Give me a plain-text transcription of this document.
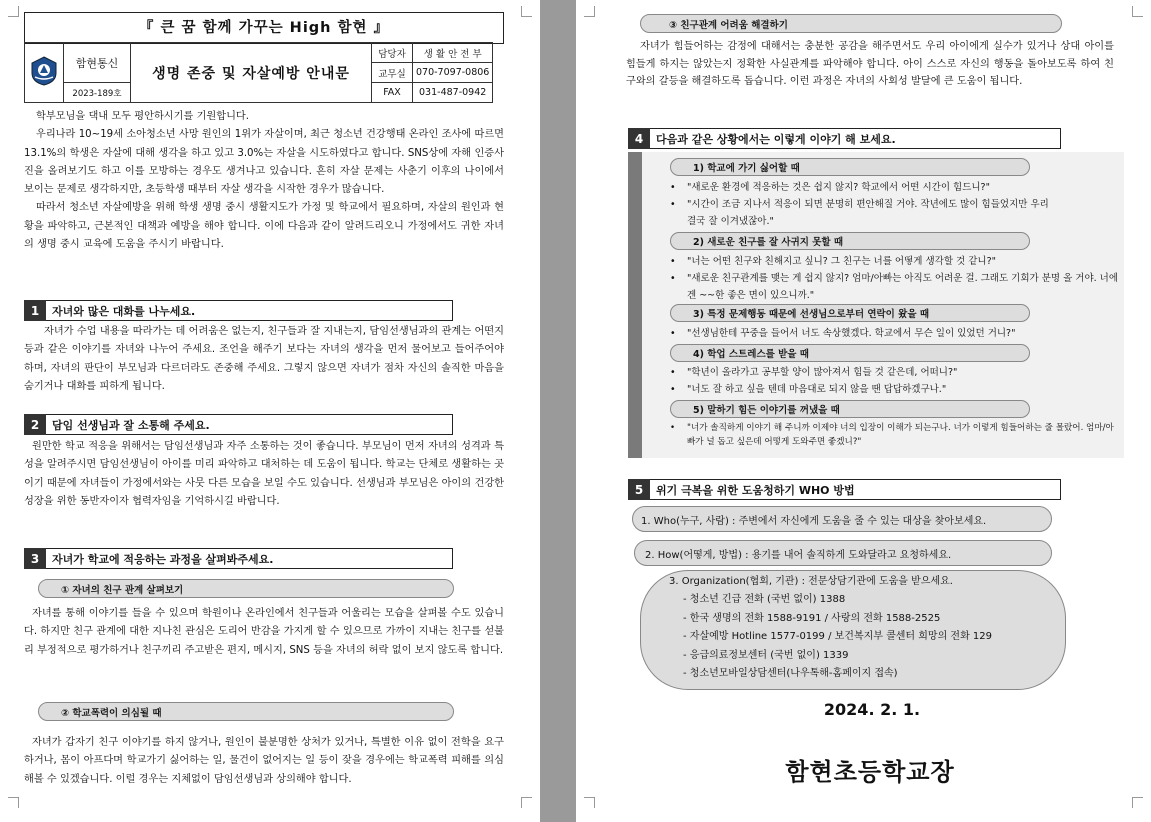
『 큰 꿈 함께 가꾸는 High 함현 』
	함현통신	생명 존중 및 자살예방 안내문	담당자	생 활 안 전 부
			교무실	070-7097-0806
	2023-189호		FAX	031-487-0942

학부모님을 댁내 모두 평안하시기를 기원합니다.

우리나라 10~19세 소아청소년 사망 원인의 1위가 자살이며, 최근 청소년 건강행태 온라인 조사에 따르면 13.1%의 학생은 자살에 대해 생각을 하고 있고 3.0%는 자살을 시도하였다고 합니다. SNS상에 자해 인증사진을 올려보기도 하고 이를 모방하는 경우도 생겨나고 있습니다. 흔히 자살 문제는 사춘기 이후의 나이에서 보이는 문제로 생각하지만, 초등학생 때부터 자살 생각을 시작한 경우가 많습니다.

따라서 청소년 자살예방을 위해 학생 생명 중시 생활지도가 가정 및 학교에서 필요하며, 자살의 원인과 현황을 파악하고, 근본적인 대책과 예방을 해야 합니다. 이에 다음과 같이 알려드리오니 가정에서도 귀한 자녀의 생명 중시 교육에 도움을 주시기 바랍니다.

1	자녀와 많은 대화를 나누세요.

자녀가 수업 내용을 따라가는 데 어려움은 없는지, 친구들과 잘 지내는지, 담임선생님과의 관계는 어떤지 등과 같은 이야기를 자녀와 나누어 주세요. 조언을 해주기 보다는 자녀의 생각을 먼저 물어보고 들어주어야 하며, 자녀의 판단이 부모님과 다르더라도 존중해 주세요. 그렇지 않으면 자녀가 점차 자신의 솔직한 마음을 숨기거나 대화를 피하게 됩니다.

2	담임 선생님과 잘 소통해 주세요.

원만한 학교 적응을 위해서는 담임선생님과 자주 소통하는 것이 좋습니다. 부모님이 먼저 자녀의 성격과 특성을 알려주시면 담임선생님이 아이를 미리 파악하고 대처하는 데 도움이 됩니다. 학교는 단체로 생활하는 곳이기 때문에 자녀들이 가정에서와는 사뭇 다른 모습을 보일 수도 있습니다. 선생님과 부모님은 아이의 건강한 성장을 위한 동반자이자 협력자임을 기억하시길 바랍니다.

3	자녀가 학교에 적응하는 과정을 살펴봐주세요.
① 자녀의 친구 관계 살펴보기

자녀를 통해 이야기를 들을 수 있으며 학원이나 온라인에서 친구들과 어울리는 모습을 살펴볼 수도 있습니다. 하지만 친구 관계에 대한 지나친 관심은 도리어 반감을 가지게 할 수 있으므로 가까이 지내는 친구를 섣불리 부정적으로 평가하거나 친구끼리 주고받은 편지, 메시지, SNS 등을 자녀의 허락 없이 보지 않도록 합니다.

② 학교폭력이 의심될 때

자녀가 갑자기 친구 이야기를 하지 않거나, 원인이 불분명한 상처가 있거나, 특별한 이유 없이 전학을 요구하거나, 몸이 아프다며 학교가기 싫어하는 일, 물건이 없어지는 일 등이 잦을 경우에는 학교폭력 피해를 의심해볼 수 있겠습니다. 이럴 경우는 지체없이 담임선생님과 상의해야 합니다.

③ 친구관계 어려움 해결하기

자녀가 힘들어하는 감정에 대해서는 충분한 공감을 해주면서도 우리 아이에게 실수가 있거나 상대 아이를 힘들게 하지는 않았는지 정확한 사실관계를 파악해야 합니다. 아이 스스로 자신의 행동을 돌아보도록 하여 친구와의 갈등을 해결하도록 돕습니다. 이런 과정은 자녀의 사회성 발달에 큰 도움이 됩니다.

4	다음과 같은 상황에서는 이렇게 이야기 해 보세요.
1) 학교에 가기 싫어할 때
• "새로운 환경에 적응하는 것은 쉽지 않지? 학교에서 어떤 시간이 힘드니?"
• "시간이 조금 지나서 적응이 되면 분명히 편안해질 거야. 작년에도 많이 힘들었지만 우리 결국 잘 이겨냈잖아."
2) 새로운 친구를 잘 사귀지 못할 때
• "너는 어떤 친구와 친해지고 싶니? 그 친구는 너를 어떻게 생각할 것 같니?"
• "새로운 친구관계를 맺는 게 쉽지 않지? 엄마/아빠는 아직도 어려운 걸. 그래도 기회가 분명 올 거야. 너에겐 ~~한 좋은 면이 있으니까."
3) 특정 문제행동 때문에 선생님으로부터 연락이 왔을 때
• "선생님한테 꾸중을 들어서 너도 속상했겠다. 학교에서 무슨 일이 있었던 거니?"
4) 학업 스트레스를 받을 때
• "학년이 올라가고 공부할 양이 많아져서 힘들 것 같은데, 어떠니?"
• "너도 잘 하고 싶을 텐데 마음대로 되지 않을 땐 답답하겠구나."
5) 말하기 힘든 이야기를 꺼냈을 때
• "너가 솔직하게 이야기 해 주니까 이제야 너의 입장이 이해가 되는구나. 너가 이렇게 힘들어하는 줄 몰랐어. 엄마/아빠가 널 돕고 싶은데 어떻게 도와주면 좋겠니?"
5	위기 극복을 위한 도움청하기 WHO 방법
1. Who(누구, 사람) : 주변에서 자신에게 도움을 줄 수 있는 대상을 찾아보세요.
2. How(어떻게, 방법) : 용기를 내어 솔직하게 도와달라고 요청하세요.
3. Organization(협회, 기관) : 전문상담기관에 도움을 받으세요.
- 청소년 긴급 전화 (국번 없이) 1388
- 한국 생명의 전화 1588-9191 / 사랑의 전화 1588-2525
- 자살예방 Hotline 1577-0199 / 보건복지부 콜센터 희망의 전화 129
- 응급의료정보센터 (국번 없이) 1339
- 청소년모바일상담센터(나우톡해-홈페이지 접속)
2024. 2. 1.
함현초등학교장
